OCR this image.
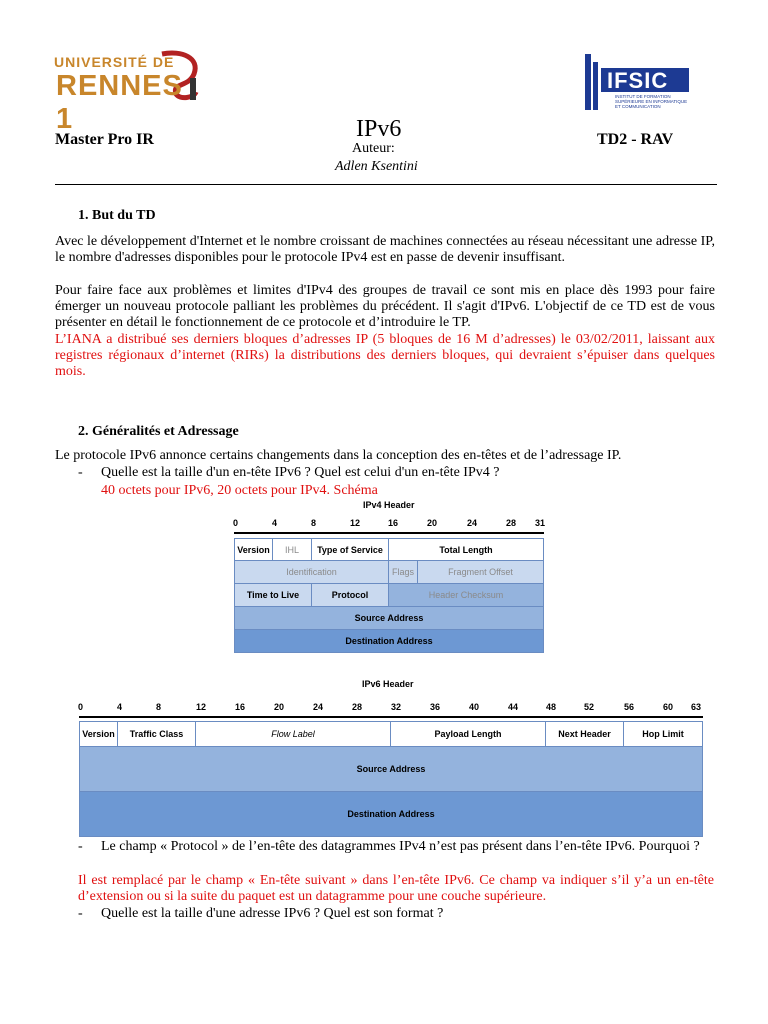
UNIVERSITÉ DE
RENNES 1
IFSIC
INSTITUT DE FORMATION SUPÉRIEURE EN INFORMATIQUE ET COMMUNICATION
Master Pro IR	IPv6
Auteur:
Adlen Ksentini
TD2 - RAV
1. But du TD
Avec le développement d'Internet et le nombre croissant de machines connectées au réseau nécessitant une adresse IP, le nombre d'adresses disponibles pour le protocole IPv4 est en passe de devenir insuffisant.
Pour faire face aux problèmes et limites d'IPv4 des groupes de travail ce sont mis en place dès 1993 pour faire émerger un nouveau protocole palliant les problèmes du précédent. Il s'agit d'IPv6. L'objectif de ce TD est de vous présenter en détail le fonctionnement de ce protocole et d’introduire le TP.
L’IANA a distribué ses derniers bloques d’adresses IP (5 bloques de 16 M d’adresses) le 03/02/2011, laissant aux registres régionaux d’internet (RIRs) la distributions des derniers bloques, qui devraient s’épuiser dans quelques mois.
2. Généralités et Adressage
Le protocole IPv6 annonce certains changements dans la conception des en-têtes et de l’adressage IP.
- Quelle est la taille d'un en-tête IPv6 ? Quel est celui d'un en-tête IPv4 ?
40 octets pour IPv6, 20 octets pour IPv4. Schéma
IPv4 Header
0	4	8	12	16	20	24	28 31
Version	IHL	Type of Service	Total Length
Identification	Flags	Fragment Offset
Time to Live	Protocol	Header Checksum
Source Address
Destination Address
IPv6 Header
0	4	8	12	16	20	24	28	32	36	40	44	48	52	56	60 63
Version	Traffic Class	Flow Label	Payload Length	Next Header	Hop Limit
Source Address
Destination Address
- Le champ « Protocol » de l’en-tête des datagrammes IPv4 n’est pas présent dans l’en-tête IPv6. Pourquoi ?
Il est remplacé par le champ « En-tête suivant » dans l’en-tête IPv6. Ce champ va indiquer s’il y’a un en-tête d’extension ou si la suite du paquet est un datagramme pour une couche supérieure.
- Quelle est la taille d'une adresse IPv6 ? Quel est son format ?
